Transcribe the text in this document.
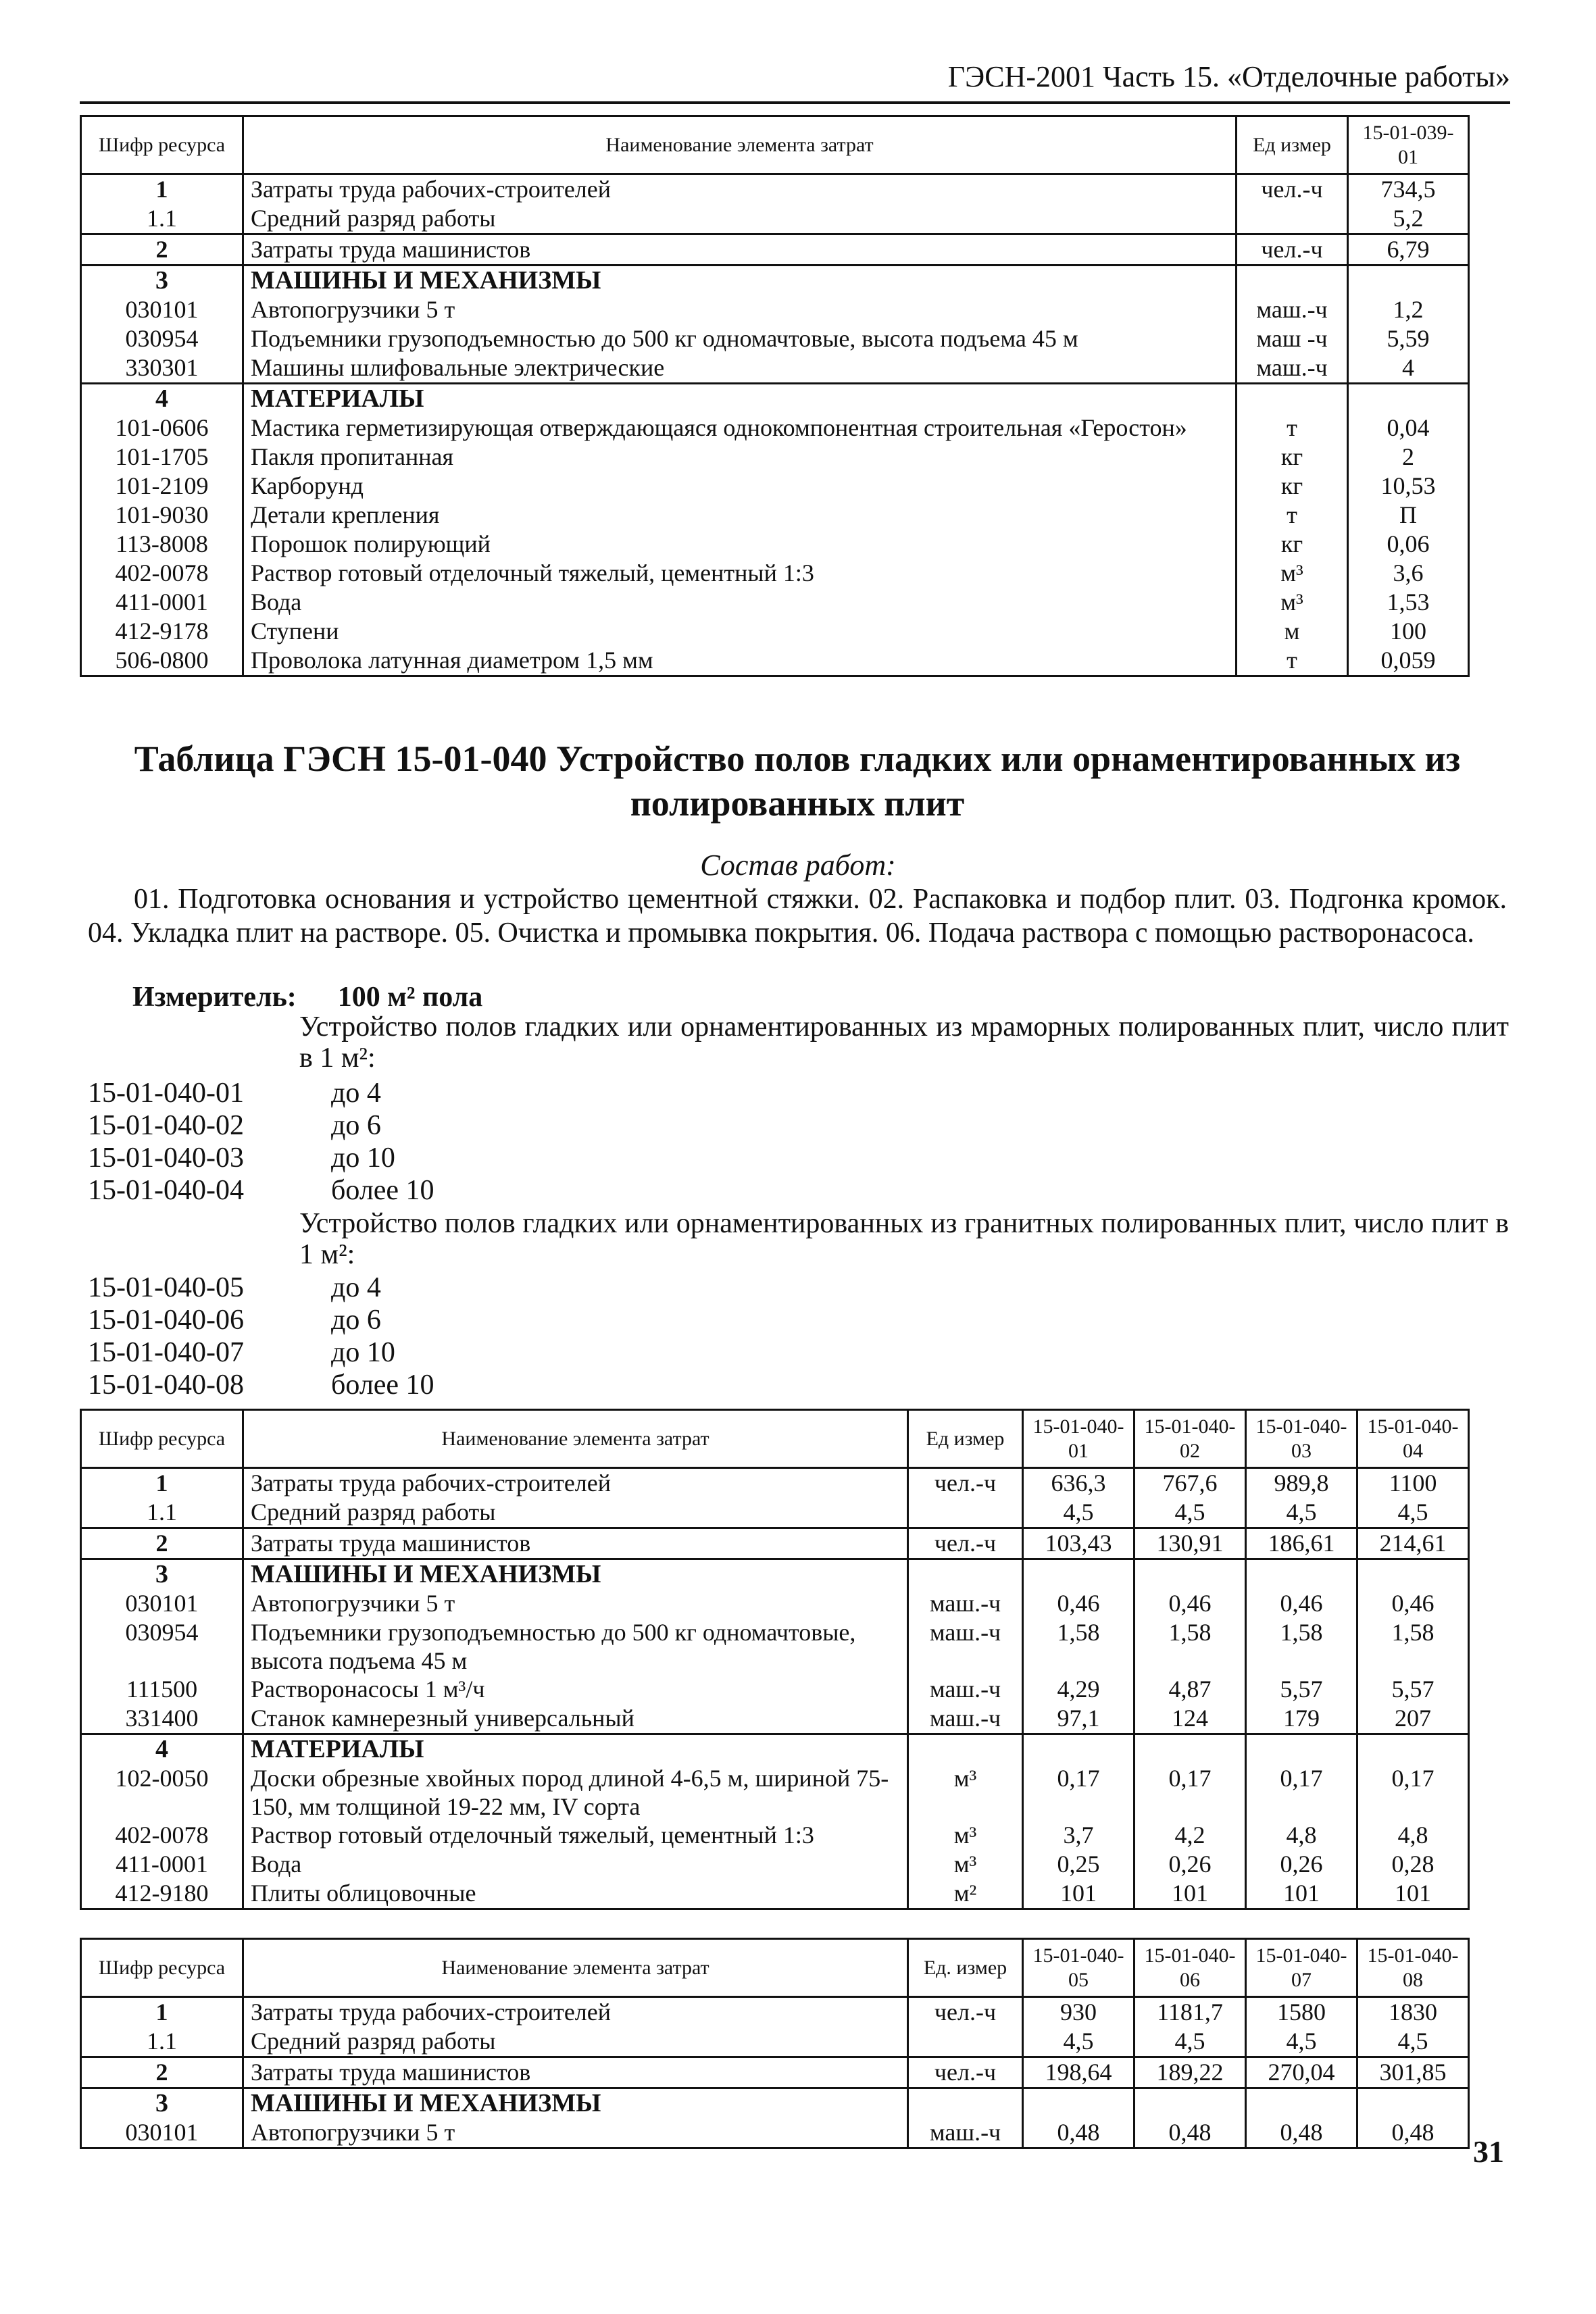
ГЭСН-2001 Часть 15. «Отделочные работы»
Шифр ресурса	Наименование элемента затрат	Ед измер	15-01-039-01
1	Затраты труда рабочих-строителей	чел.-ч	734,5
1.1	Средний разряд работы		5,2
2	Затраты труда машинистов	чел.-ч	6,79
3	МАШИНЫ И МЕХАНИЗМЫ		
030101	Автопогрузчики 5 т	маш.-ч	1,2
030954	Подъемники грузоподъемностью до 500 кг одномачтовые, высота подъема 45 м	маш -ч	5,59
330301	Машины шлифовальные электрические	маш.-ч	4
4	МАТЕРИАЛЫ		
101-0606	Мастика герметизирующая отверждающаяся однокомпонентная строительная «Геростон»	т	0,04
101-1705	Пакля пропитанная	кг	2
101-2109	Карборунд	кг	10,53
101-9030	Детали крепления	т	П
113-8008	Порошок полирующий	кг	0,06
402-0078	Раствор готовый отделочный тяжелый, цементный 1:3	м³	3,6
411-0001	Вода	м³	1,53
412-9178	Ступени	м	100
506-0800	Проволока латунная диаметром 1,5 мм	т	0,059
Таблица ГЭСН 15-01-040 Устройство полов гладких или орнаментированных из полированных плит
Состав работ:
01. Подготовка основания и устройство цементной стяжки. 02. Распаковка и подбор плит. 03. Подгонка кромок. 04. Укладка плит на растворе. 05. Очистка и промывка покрытия. 06. Подача раствора с помощью растворонасоса.
Измеритель: 100 м² пола
Устройство полов гладких или орнаментированных из мраморных полированных плит, число плит в 1 м²:
15-01-040-01	до 4
15-01-040-02	до 6
15-01-040-03	до 10
15-01-040-04	более 10
Устройство полов гладких или орнаментированных из гранитных полированных плит, число плит в 1 м²:
15-01-040-05	до 4
15-01-040-06	до 6
15-01-040-07	до 10
15-01-040-08	более 10
Шифр ресурса	Наименование элемента затрат	Ед измер	15-01-040-01	15-01-040-02	15-01-040-03	15-01-040-04
1	Затраты труда рабочих-строителей	чел.-ч	636,3	767,6	989,8	1100
1.1	Средний разряд работы		4,5	4,5	4,5	4,5
2	Затраты труда машинистов	чел.-ч	103,43	130,91	186,61	214,61
3	МАШИНЫ И МЕХАНИЗМЫ					
030101	Автопогрузчики 5 т	маш.-ч	0,46	0,46	0,46	0,46
030954	Подъемники грузоподъемностью до 500 кг одномачтовые, высота подъема 45 м	маш.-ч	1,58	1,58	1,58	1,58
111500	Растворонасосы 1 м³/ч	маш.-ч	4,29	4,87	5,57	5,57
331400	Станок камнерезный универсальный	маш.-ч	97,1	124	179	207
4	МАТЕРИАЛЫ					
102-0050	Доски обрезные хвойных пород длиной 4-6,5 м, шириной 75-150, мм толщиной 19-22 мм, IV сорта	м³	0,17	0,17	0,17	0,17
402-0078	Раствор готовый отделочный тяжелый, цементный 1:3	м³	3,7	4,2	4,8	4,8
411-0001	Вода	м³	0,25	0,26	0,26	0,28
412-9180	Плиты облицовочные	м²	101	101	101	101
Шифр ресурса	Наименование элемента затрат	Ед. измер	15-01-040-05	15-01-040-06	15-01-040-07	15-01-040-08
1	Затраты труда рабочих-строителей	чел.-ч	930	1181,7	1580	1830
1.1	Средний разряд работы		4,5	4,5	4,5	4,5
2	Затраты труда машинистов	чел.-ч	198,64	189,22	270,04	301,85
3	МАШИНЫ И МЕХАНИЗМЫ					
030101	Автопогрузчики 5 т	маш.-ч	0,48	0,48	0,48	0,48
31
